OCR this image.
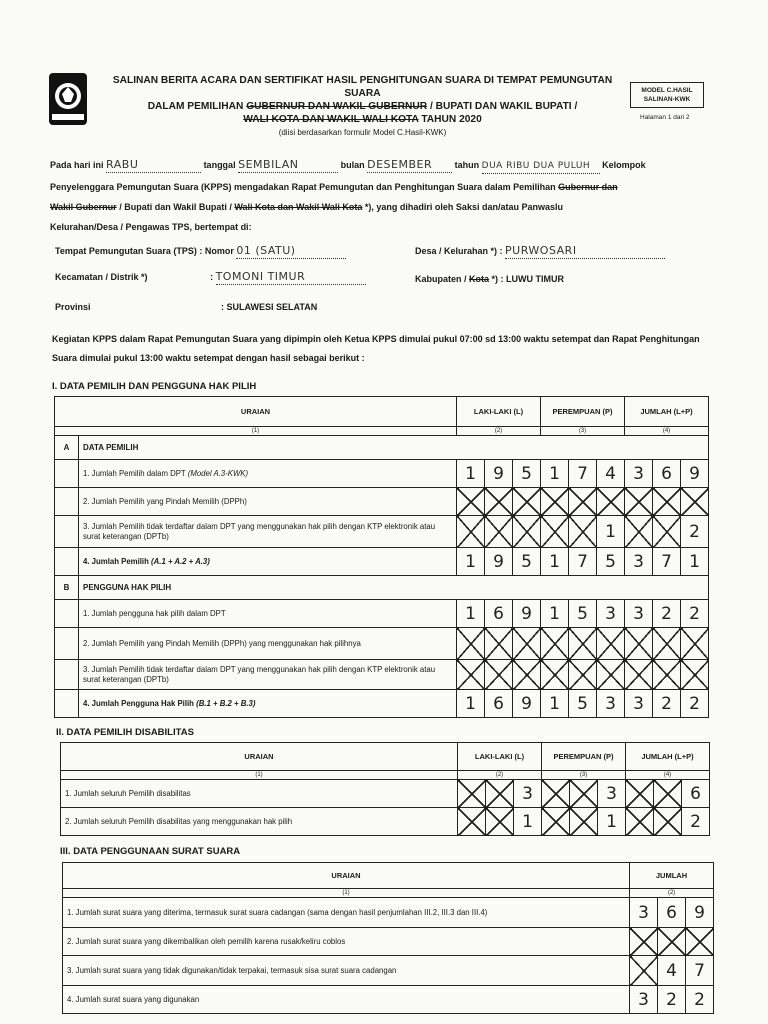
SALINAN BERITA ACARA DAN SERTIFIKAT HASIL PENGHITUNGAN SUARA DI TEMPAT PEMUNGUTAN SUARA
DALAM PEMILIHAN GUBERNUR DAN WAKIL GUBERNUR / BUPATI DAN WAKIL BUPATI /
WALI KOTA DAN WAKIL WALI KOTA TAHUN 2020
(diisi berdasarkan formulir Model C.Hasil-KWK)
MODEL C.HASIL SALINAN-KWK
Halaman 1 dari 2
Pada hari ini RABU	tanggal SEMBILAN	bulan DESEMBER	tahun DUA RIBU DUA PULUH Kelompok
Penyelenggara Pemungutan Suara (KPPS) mengadakan Rapat Pemungutan dan Penghitungan Suara dalam Pemilihan Gubernur dan
Wakil Gubernur / Bupati dan Wakil Bupati / Wali Kota dan Wakil Wali Kota *), yang dihadiri oleh Saksi dan/atau Panwaslu
Kelurahan/Desa / Pengawas TPS, bertempat di:
Tempat Pemungutan Suara (TPS) : Nomor 01 (SATU)	Desa / Kelurahan *) : PURWOSARI
Kecamatan / Distrik *)	: TOMONI TIMUR	Kabupaten / Kota *) : LUWU TIMUR
Provinsi	: SULAWESI SELATAN
Kegiatan KPPS dalam Rapat Pemungutan Suara yang dipimpin oleh Ketua KPPS dimulai pukul 07:00 sd 13:00 waktu setempat dan Rapat Penghitungan Suara dimulai pukul 13:00 waktu setempat dengan hasil sebagai berikut :
I. DATA PEMILIH DAN PENGGUNA HAK PILIH
URAIAN		LAKI-LAKI (L)			PEREMPUAN (P)			JUMLAH (L+P)		
(1)		(2)			(3)			(4)		
A	DATA PEMILIH									
	1. Jumlah Pemilih dalam DPT (Model A.3-KWK)	1	9	5	1	7	4	3	6	9
	2. Jumlah Pemilih yang Pindah Memilih (DPPh)									
	3. Jumlah Pemilih tidak terdaftar dalam DPT yang menggunakan hak pilih dengan KTP elektronik atau surat keterangan (DPTb)						1			2
	4. Jumlah Pemilih (A.1 + A.2 + A.3)	1	9	5	1	7	5	3	7	1
B	PENGGUNA HAK PILIH									
	1. Jumlah pengguna hak pilih dalam DPT	1	6	9	1	5	3	3	2	2
	2. Jumlah Pemilih yang Pindah Memilih (DPPh) yang menggunakan hak pilihnya									
	3. Jumlah Pemilih tidak terdaftar dalam DPT yang menggunakan hak pilih dengan KTP elektronik atau surat keterangan (DPTb)									
	4. Jumlah Pengguna Hak Pilih (B.1 + B.2 + B.3)	1	6	9	1	5	3	3	2	2
II. DATA PEMILIH DISABILITAS
URAIAN	LAKI-LAKI (L)			PEREMPUAN (P)			JUMLAH (L+P)		
(1)	(2)			(3)			(4)		
1. Jumlah seluruh Pemilih disabilitas			3			3			6
2. Jumlah seluruh Pemilih disabilitas yang menggunakan hak pilih			1			1			2
III. DATA PENGGUNAAN SURAT SUARA
URAIAN	JUMLAH		
(1)	(2)		
1. Jumlah surat suara yang diterima, termasuk surat suara cadangan (sama dengan hasil penjumlahan III.2, III.3 dan III.4)	3	6	9
2. Jumlah surat suara yang dikembalikan oleh pemilih karena rusak/keliru coblos			
3. Jumlah surat suara yang tidak digunakan/tidak terpakai, termasuk sisa surat suara cadangan		4	7
4. Jumlah surat suara yang digunakan	3	2	2
